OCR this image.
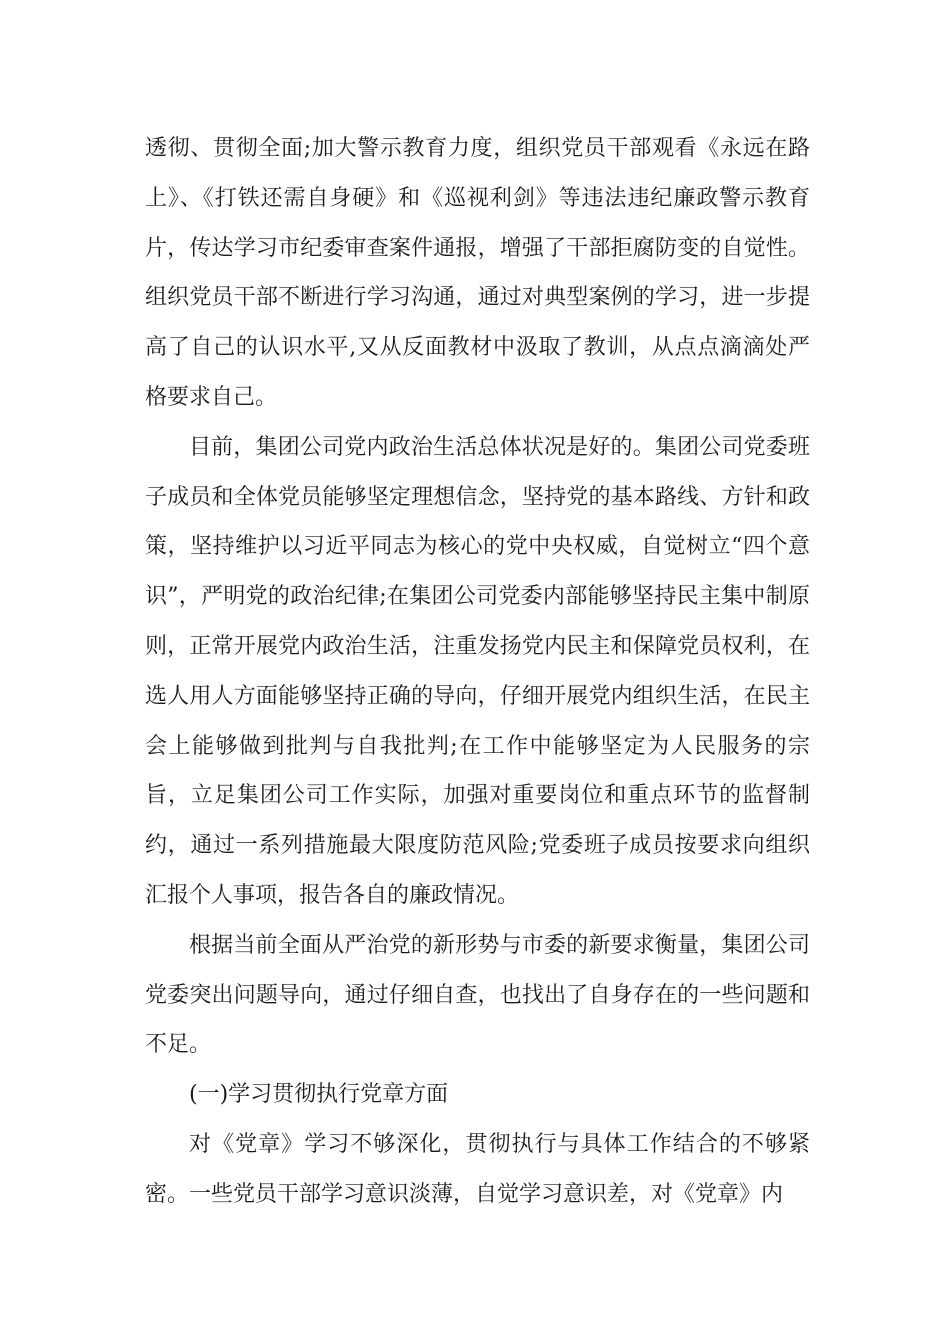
透彻、贯彻全面;加大警示教育力度，组织党员干部观看《永远在路上》、《打铁还需自身硬》和《巡视利剑》等违法违纪廉政警示教育片，传达学习市纪委审查案件通报，增强了干部拒腐防变的自觉性。组织党员干部不断进行学习沟通，通过对典型案例的学习，进一步提高了自己的认识水平,又从反面教材中汲取了教训，从点点滴滴处严格要求自己。

目前，集团公司党内政治生活总体状况是好的。集团公司党委班子成员和全体党员能够坚定理想信念，坚持党的基本路线、方针和政策，坚持维护以习近平同志为核心的党中央权威，自觉树立“四个意识”，严明党的政治纪律;在集团公司党委内部能够坚持民主集中制原则，正常开展党内政治生活，注重发扬党内民主和保障党员权利，在选人用人方面能够坚持正确的导向，仔细开展党内组织生活，在民主会上能够做到批判与自我批判;在工作中能够坚定为人民服务的宗旨，立足集团公司工作实际，加强对重要岗位和重点环节的监督制约，通过一系列措施最大限度防范风险;党委班子成员按要求向组织汇报个人事项，报告各自的廉政情况。

根据当前全面从严治党的新形势与市委的新要求衡量，集团公司党委突出问题导向，通过仔细自查，也找出了自身存在的一些问题和不足。

(一)学习贯彻执行党章方面

对《党章》学习不够深化，贯彻执行与具体工作结合的不够紧密。一些党员干部学习意识淡薄，自觉学习意识差，对《党章》内
